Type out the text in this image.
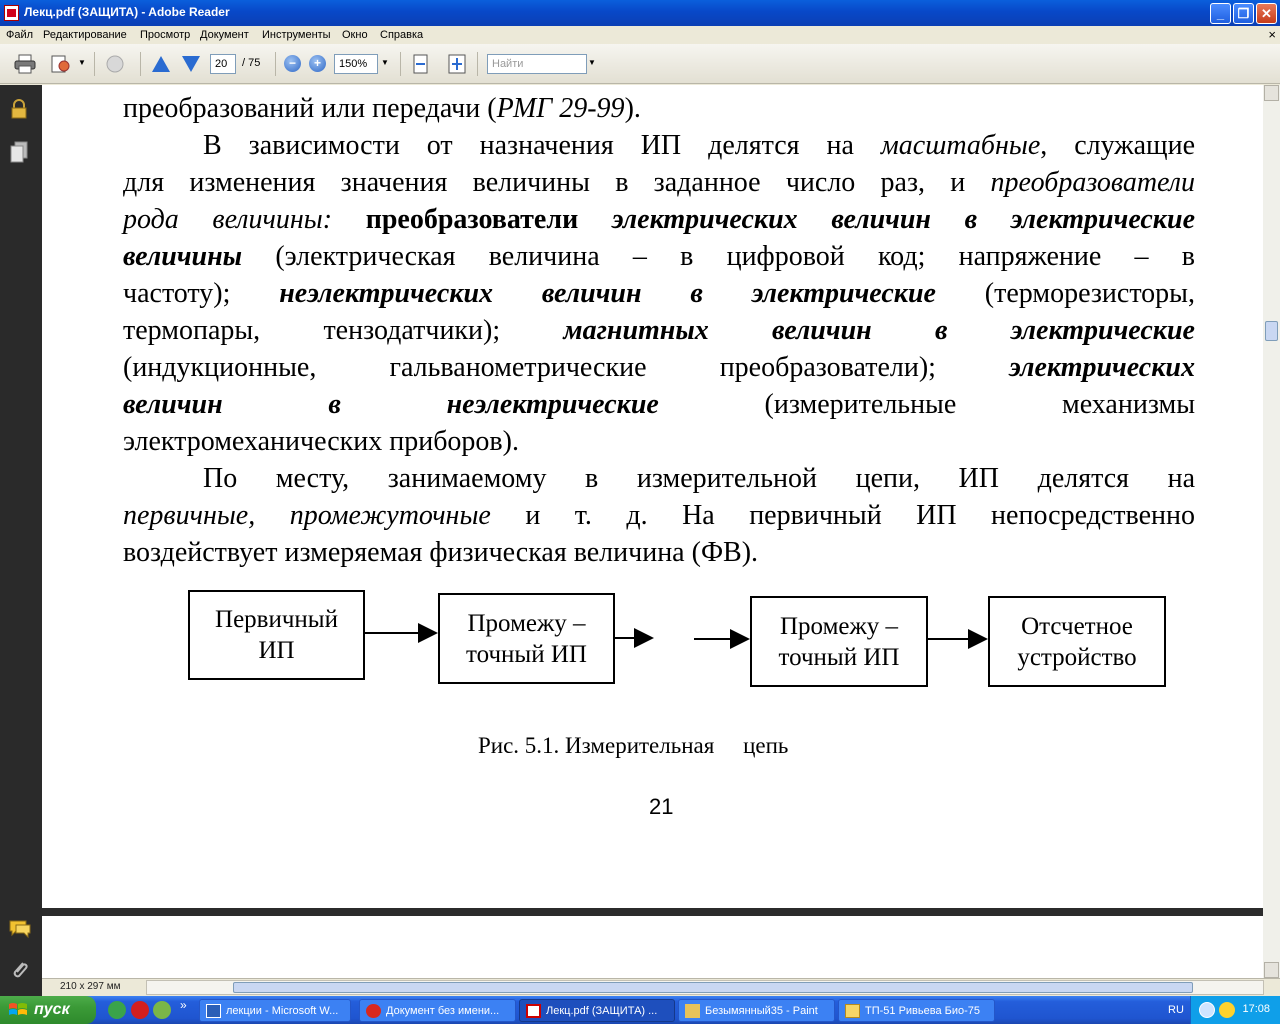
Лекц.pdf (ЗАЩИТА) - Adobe Reader	_	❐ ✕
Файл Редактирование Просмотр Документ Инструменты Окно Справка	×
▼	20	/ 75	−	+	150%	▼	Найти	▼
преобразований или передачи (РМГ 29-99).
В зависимости от назначения ИП делятся на масштабные, служащие
для изменения значения величины в заданное число раз, и преобразователи
рода величины: преобразователи электрических величин в электрические
величины (электрическая величина – в цифровой код; напряжение – в
частоту); неэлектрических величин в электрические (терморезисторы,
термопары, тензодатчики); магнитных величин в электрические
(индукционные, гальванометрические преобразователи); электрических
величин в неэлектрические (измерительные механизмы
электромеханических приборов).
По месту, занимаемому в измерительной цепи, ИП делятся на
первичные, промежуточные и т. д. На первичный ИП непосредственно
воздействует измеряемая физическая величина (ФВ).
Первичный
ИП
Промежу –
точный ИП
Промежу –
точный ИП
Отсчетное
устройство
Рис. 5.1. Измерительная     цепь
21
210 x 297 мм
пуск	»	лекции - Microsoft W...	Документ без имени...	Лекц.pdf (ЗАЩИТА) ...	Безымянный35 - Paint	ТП-51 Ривьева Био-75	RU	17:08
